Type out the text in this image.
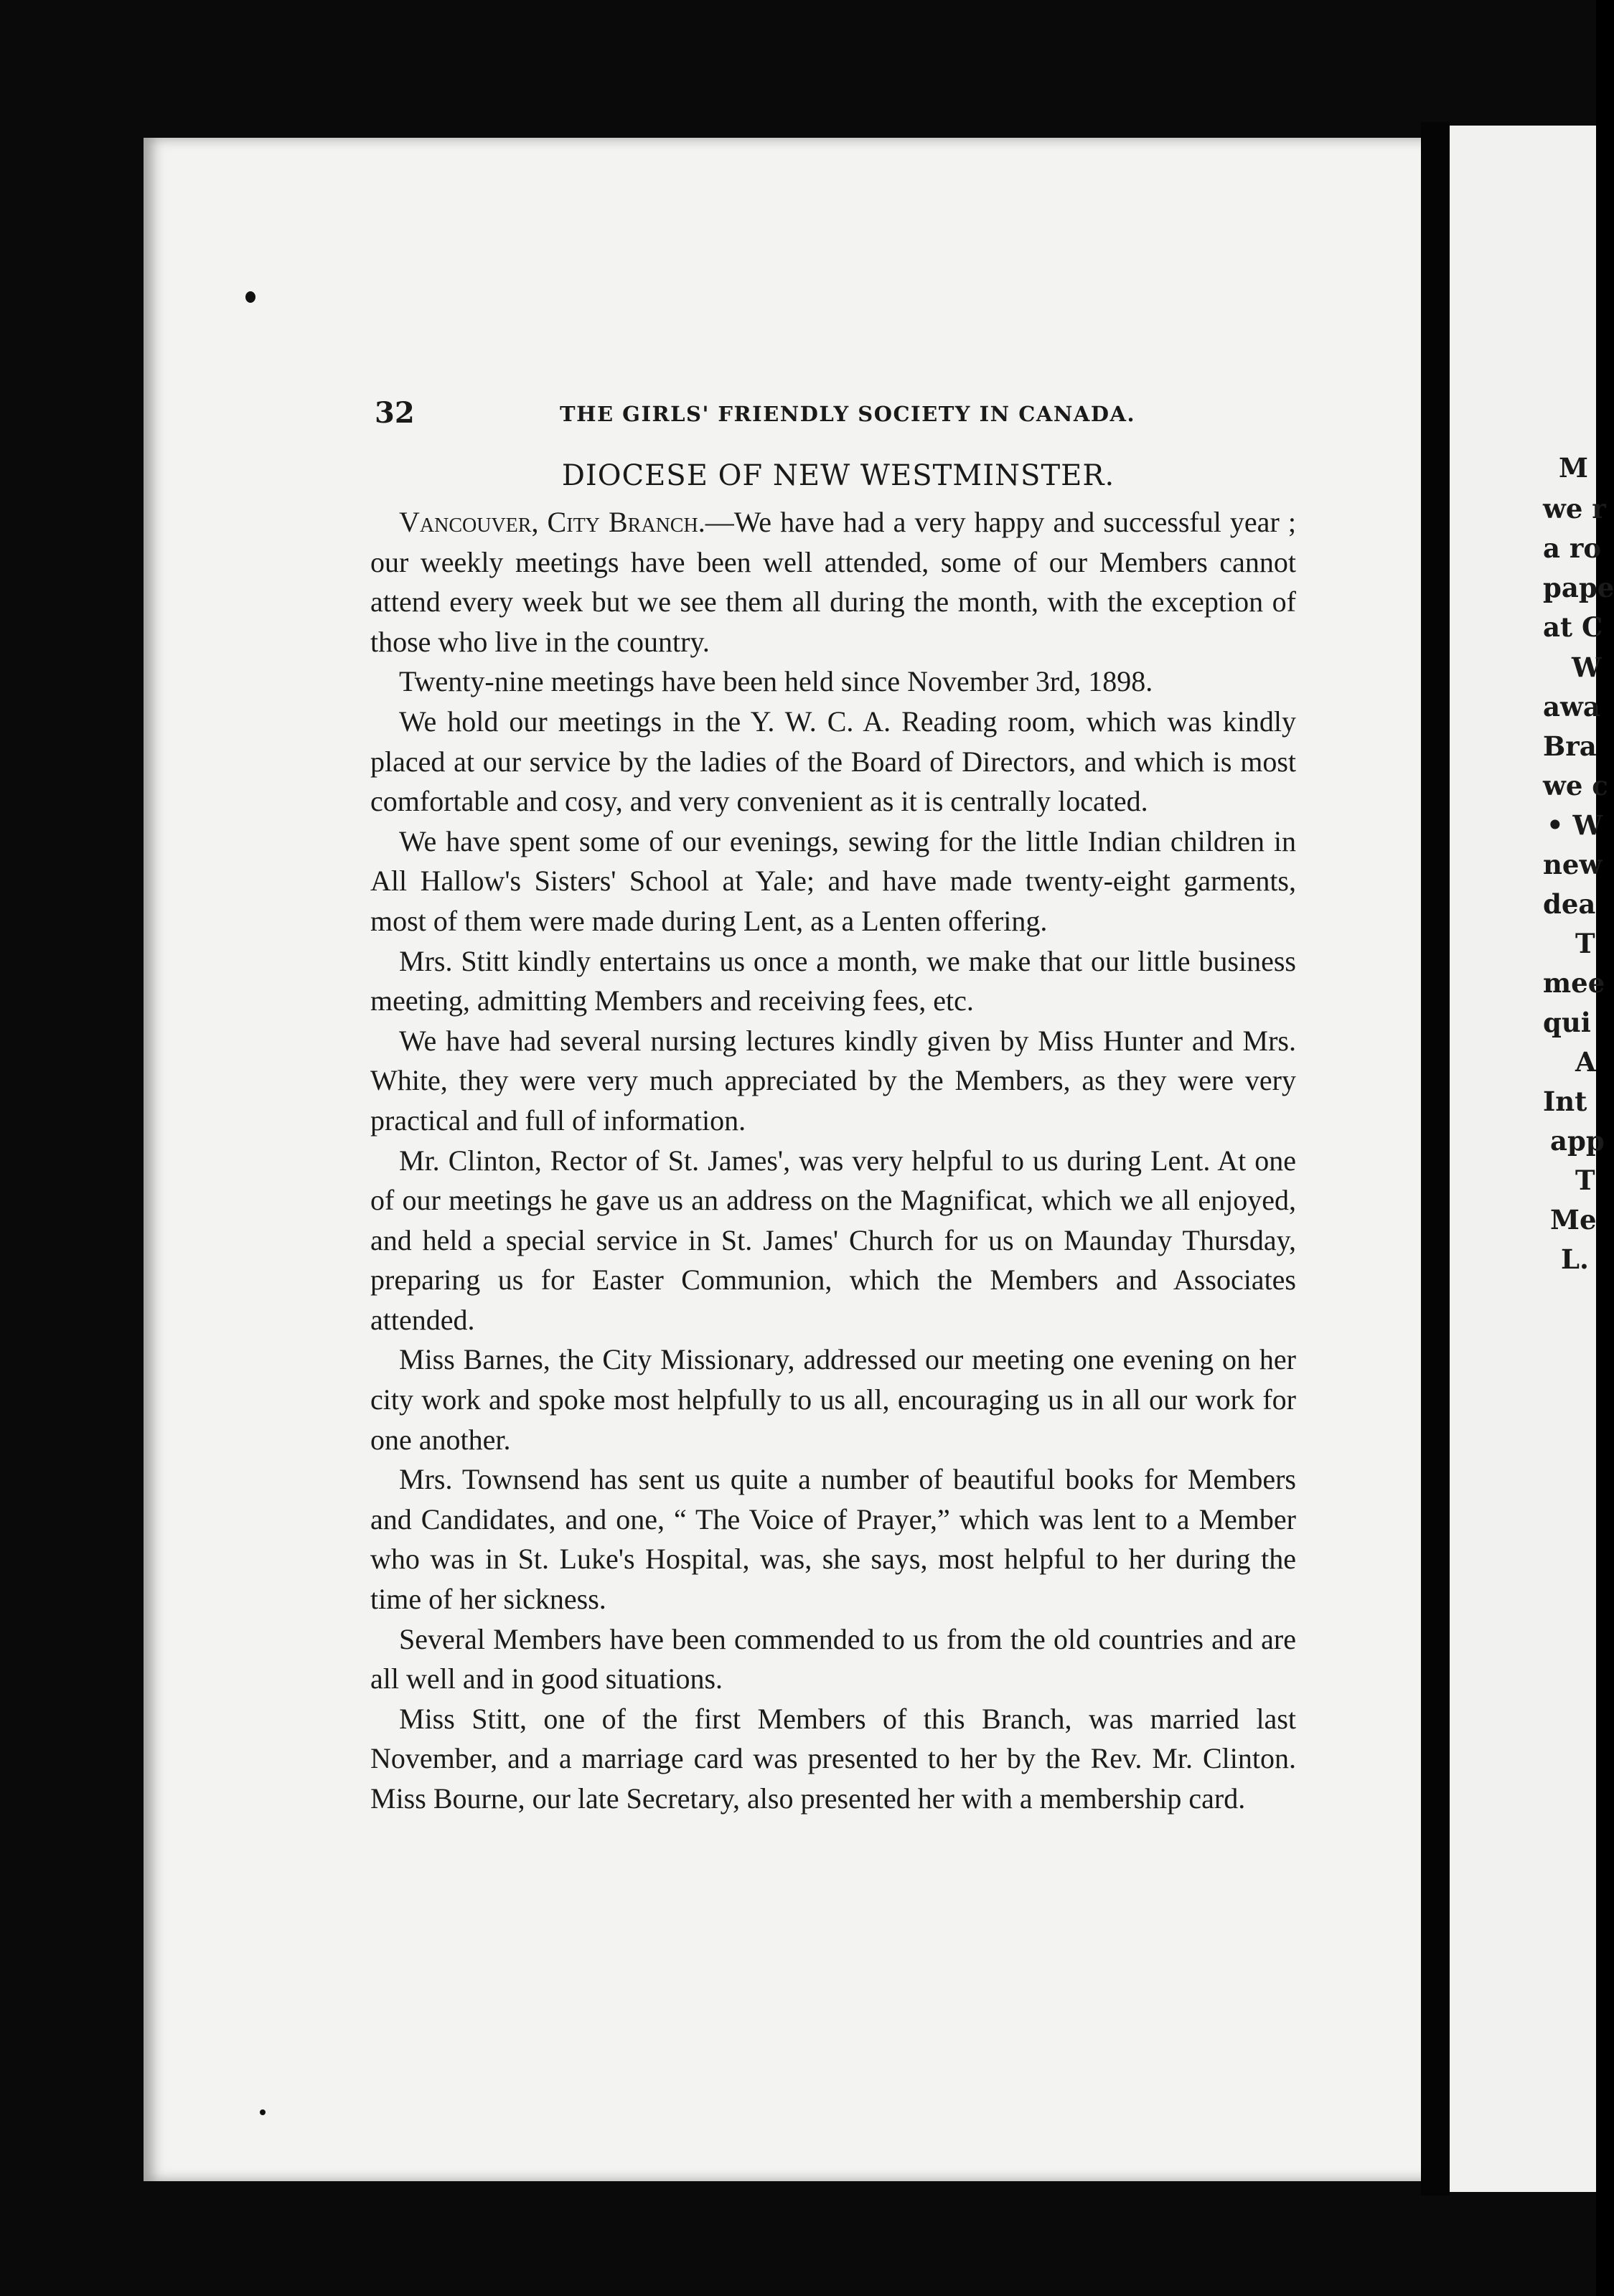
M
we r
a ro
pape
at C
W
awa
Bra
we c
• W
new
dea
T
mee
qui
A
Int
app
T
Me
L.
32	THE GIRLS' FRIENDLY SOCIETY IN CANADA.
DIOCESE OF NEW WESTMINSTER.

Vancouver, City Branch.—We have had a very happy and successful year ; our weekly meetings have been well attended, some of our Members cannot attend every week but we see them all during the month, with the exception of those who live in the country.

Twenty-nine meetings have been held since November 3rd, 1898.

We hold our meetings in the Y. W. C. A. Reading room, which was kindly placed at our service by the ladies of the Board of Directors, and which is most comfortable and cosy, and very convenient as it is centrally located.

We have spent some of our evenings, sewing for the little Indian children in All Hallow's Sisters' School at Yale; and have made twenty-eight garments, most of them were made during Lent, as a Lenten offering.

Mrs. Stitt kindly entertains us once a month, we make that our little business meeting, admitting Members and receiving fees, etc.

We have had several nursing lectures kindly given by Miss Hunter and Mrs. White, they were very much appreciated by the Members, as they were very practical and full of information.

Mr. Clinton, Rector of St. James', was very helpful to us during Lent. At one of our meetings he gave us an address on the Magnificat, which we all enjoyed, and held a special service in St. James' Church for us on Maunday Thursday, preparing us for Easter Communion, which the Members and Associates attended.

Miss Barnes, the City Missionary, addressed our meeting one evening on her city work and spoke most helpfully to us all, encouraging us in all our work for one another.

Mrs. Townsend has sent us quite a number of beautiful books for Members and Candidates, and one, “ The Voice of Prayer,” which was lent to a Member who was in St. Luke's Hospital, was, she says, most helpful to her during the time of her sickness.

Several Members have been commended to us from the old countries and are all well and in good situations.

Miss Stitt, one of the first Members of this Branch, was married last November, and a marriage card was presented to her by the Rev. Mr. Clinton. Miss Bourne, our late Secretary, also presented her with a membership card.
